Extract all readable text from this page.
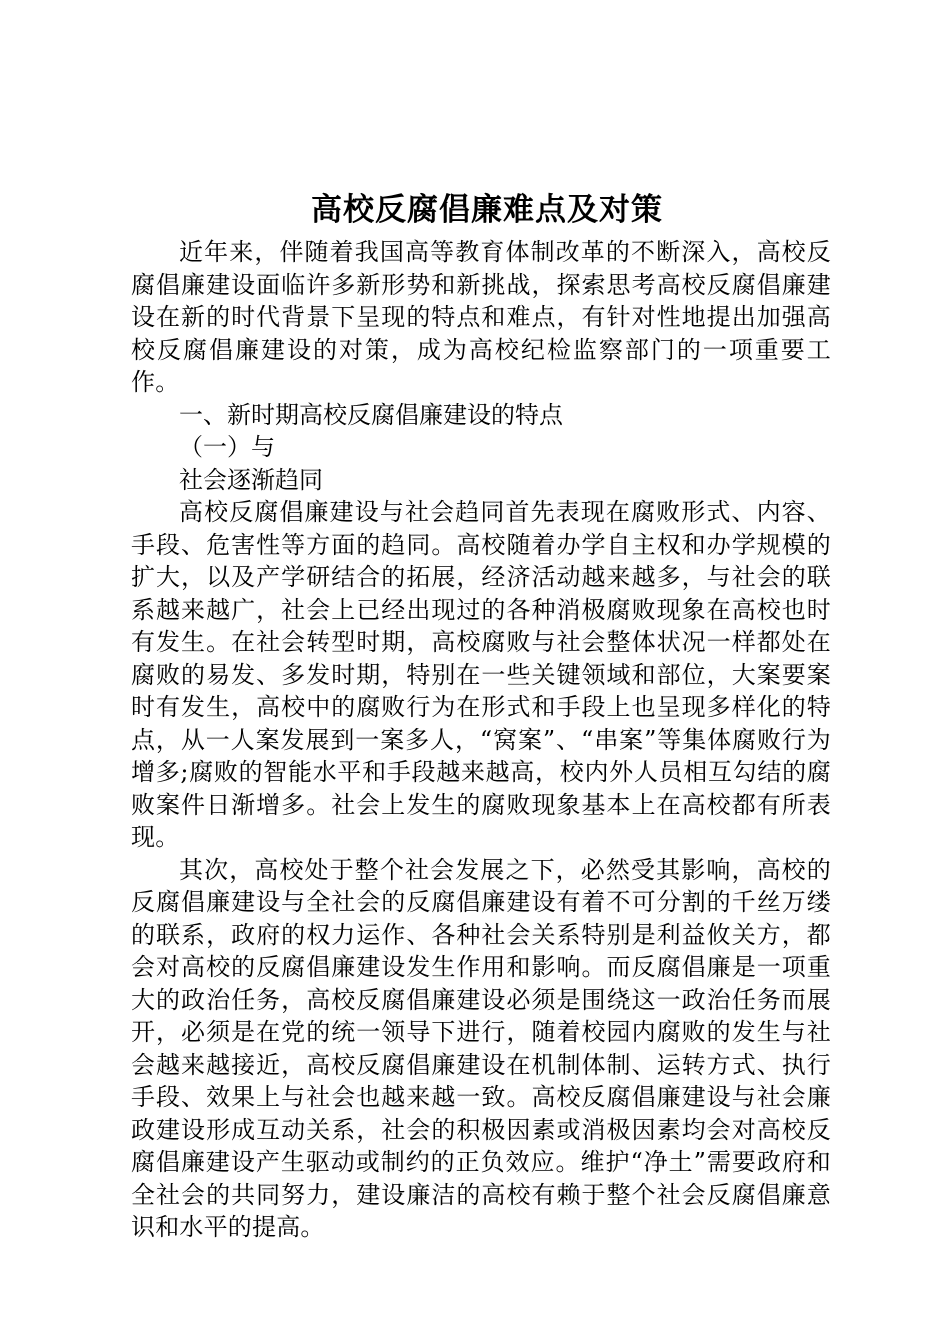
高校反腐倡廉难点及对策

近年来，伴随着我国高等教育体制改革的不断深入，高校反腐倡廉建设面临许多新形势和新挑战，探索思考高校反腐倡廉建设在新的时代背景下呈现的特点和难点，有针对性地提出加强高校反腐倡廉建设的对策，成为高校纪检监察部门的一项重要工作。

一、新时期高校反腐倡廉建设的特点

（一）与

社会逐渐趋同

高校反腐倡廉建设与社会趋同首先表现在腐败形式、内容、手段、危害性等方面的趋同。高校随着办学自主权和办学规模的扩大，以及产学研结合的拓展，经济活动越来越多，与社会的联系越来越广，社会上已经出现过的各种消极腐败现象在高校也时有发生。在社会转型时期，高校腐败与社会整体状况一样都处在腐败的易发、多发时期，特别在一些关键领域和部位，大案要案时有发生，高校中的腐败行为在形式和手段上也呈现多样化的特点，从一人案发展到一案多人，“窝案”、“串案”等集体腐败行为增多;腐败的智能水平和手段越来越高，校内外人员相互勾结的腐败案件日渐增多。社会上发生的腐败现象基本上在高校都有所表现。

其次，高校处于整个社会发展之下，必然受其影响，高校的反腐倡廉建设与全社会的反腐倡廉建设有着不可分割的千丝万缕的联系，政府的权力运作、各种社会关系特别是利益攸关方，都会对高校的反腐倡廉建设发生作用和影响。而反腐倡廉是一项重大的政治任务，高校反腐倡廉建设必须是围绕这一政治任务而展开，必须是在党的统一领导下进行，随着校园内腐败的发生与社会越来越接近，高校反腐倡廉建设在机制体制、运转方式、执行手段、效果上与社会也越来越一致。高校反腐倡廉建设与社会廉政建设形成互动关系，社会的积极因素或消极因素均会对高校反腐倡廉建设产生驱动或制约的正负效应。维护“净土”需要政府和全社会的共同努力，建设廉洁的高校有赖于整个社会反腐倡廉意识和水平的提高。
